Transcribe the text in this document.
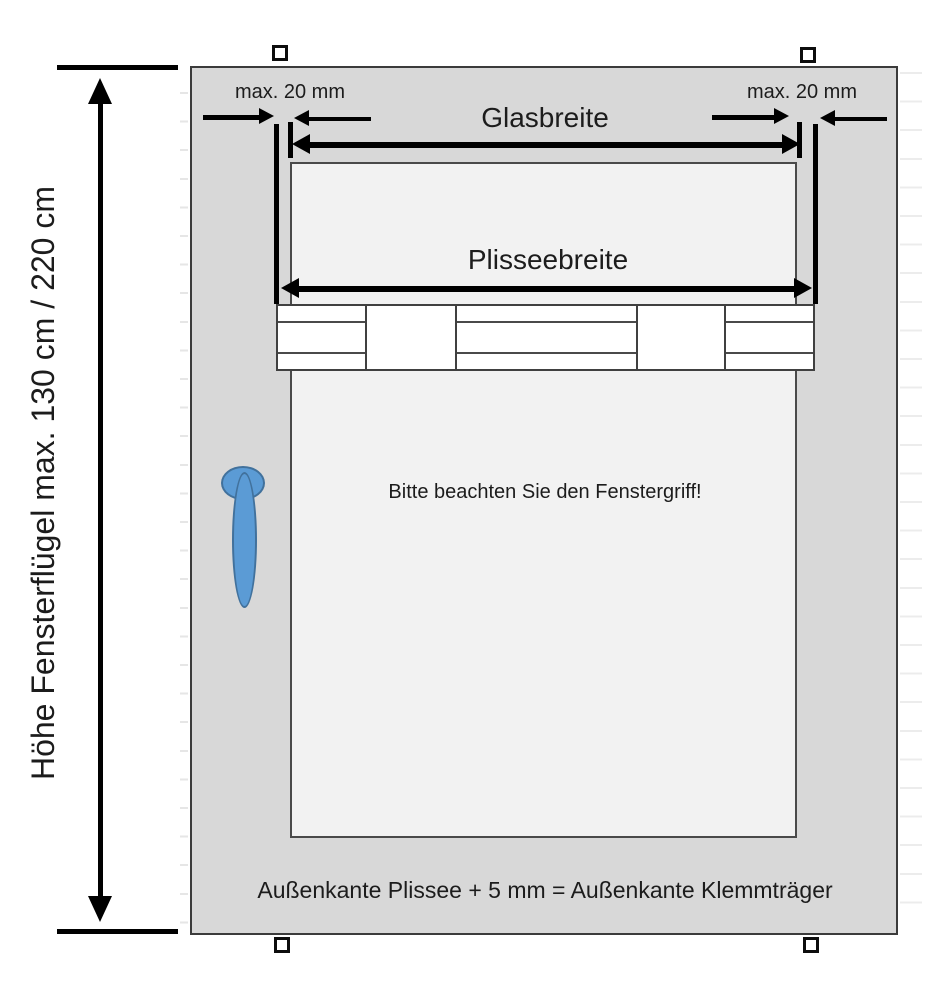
Höhe Fensterflügel max. 130 cm / 220 cm
max. 20 mm	max. 20 mm
Glasbreite
Plisseebreite
Bitte beachten Sie den Fenstergriff!
Außenkante Plissee + 5 mm = Außenkante Klemmträger
